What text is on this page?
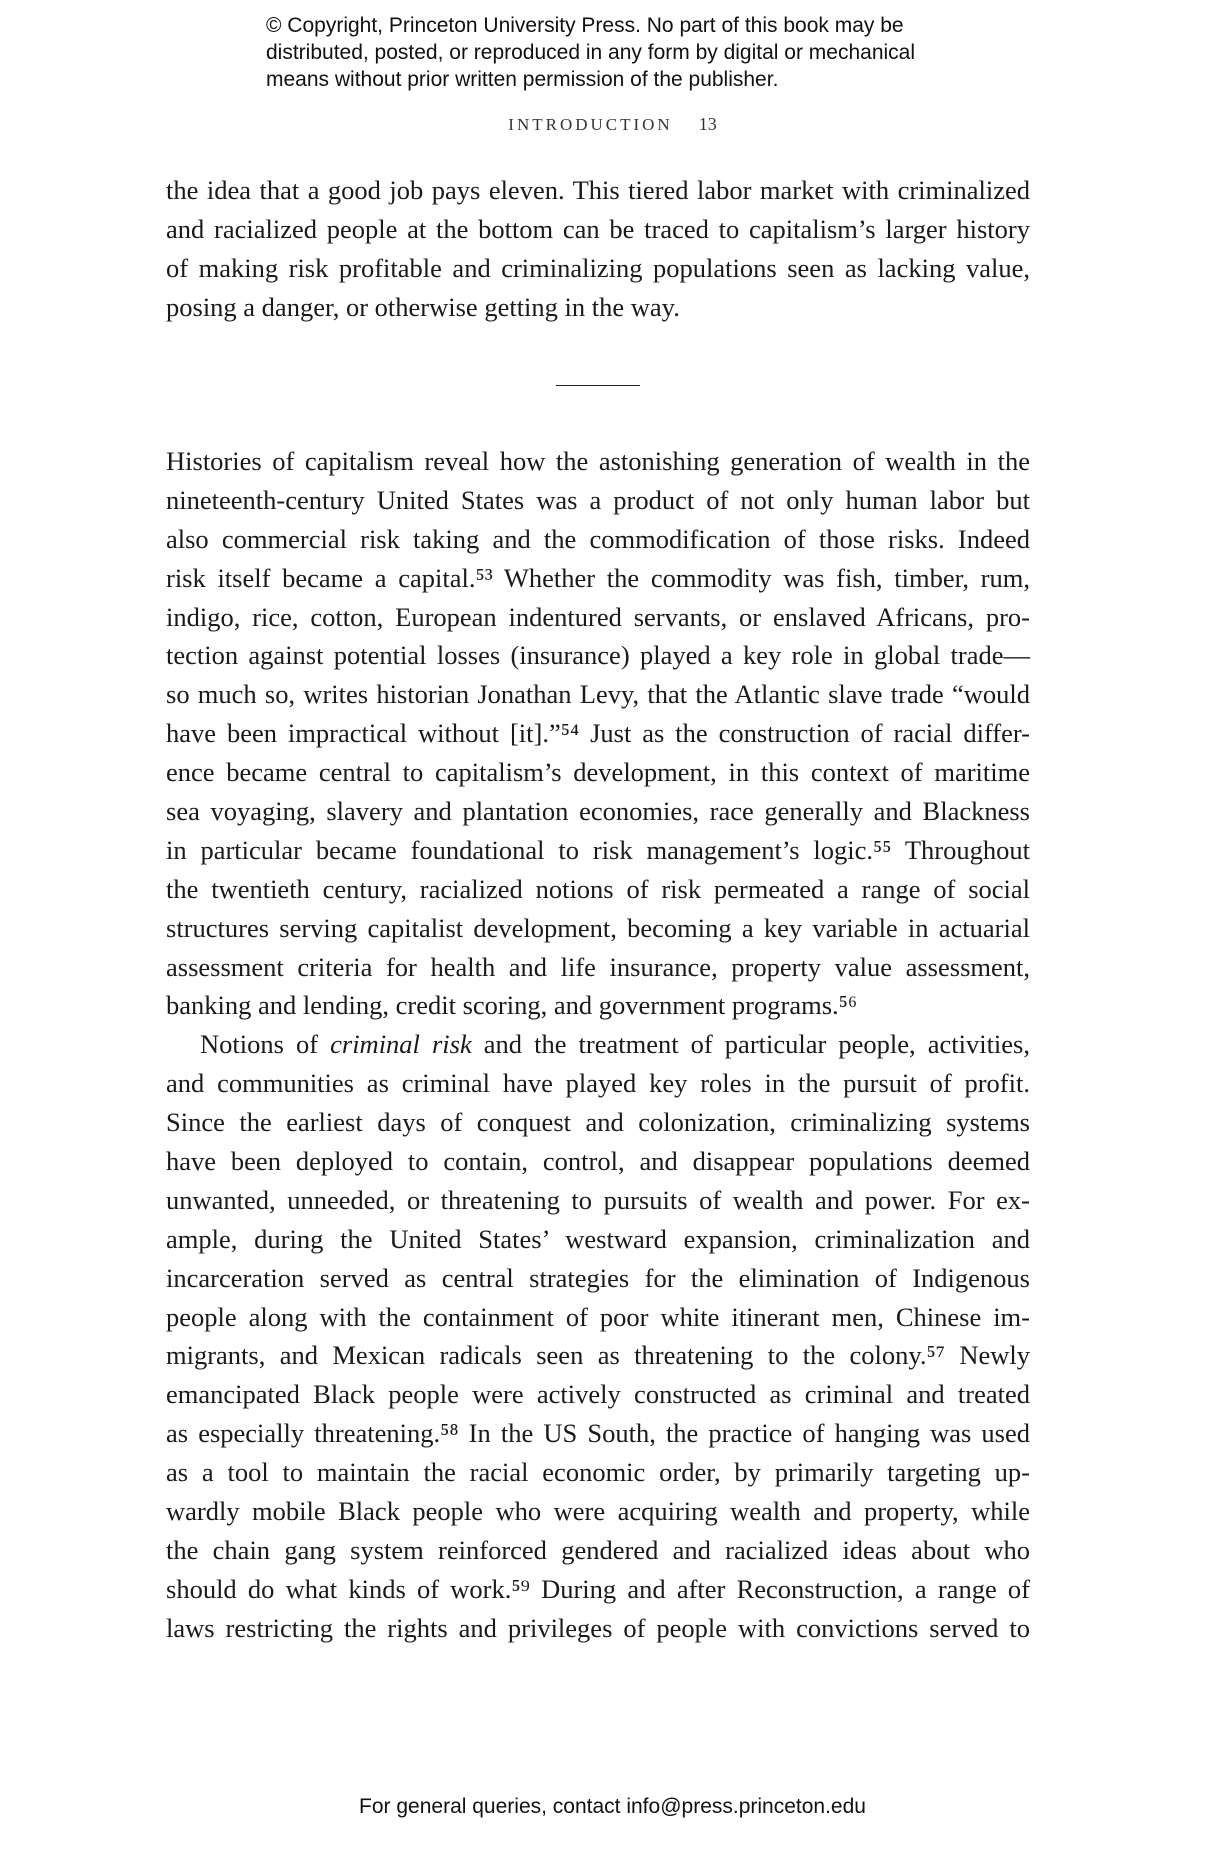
© Copyright, Princeton University Press. No part of this book may be
distributed, posted, or reproduced in any form by digital or mechanical
means without prior written permission of the publisher.
INTRODUCTION 13
the idea that a good job pays eleven. This tiered labor market with criminalized
and racialized people at the bottom can be traced to capitalism’s larger history
of making risk profitable and criminalizing populations seen as lacking value,
posing a danger, or otherwise getting in the way.
Histories of capitalism reveal how the astonishing generation of wealth in the
nineteenth-century United States was a product of not only human labor but
also commercial risk taking and the commodification of those risks. Indeed
risk itself became a capital.⁵³ Whether the commodity was fish, timber, rum,
indigo, rice, cotton, European indentured servants, or enslaved Africans, pro-
tection against potential losses (insurance) played a key role in global trade—
so much so, writes historian Jonathan Levy, that the Atlantic slave trade “would
have been impractical without [it].”⁵⁴ Just as the construction of racial differ-
ence became central to capitalism’s development, in this context of maritime
sea voyaging, slavery and plantation economies, race generally and Blackness
in particular became foundational to risk management’s logic.⁵⁵ Throughout
the twentieth century, racialized notions of risk permeated a range of social
structures serving capitalist development, becoming a key variable in actuarial
assessment criteria for health and life insurance, property value assessment,
banking and lending, credit scoring, and government programs.⁵⁶
Notions of criminal risk and the treatment of particular people, activities,
and communities as criminal have played key roles in the pursuit of profit.
Since the earliest days of conquest and colonization, criminalizing systems
have been deployed to contain, control, and disappear populations deemed
unwanted, unneeded, or threatening to pursuits of wealth and power. For ex-
ample, during the United States’ westward expansion, criminalization and
incarceration served as central strategies for the elimination of Indigenous
people along with the containment of poor white itinerant men, Chinese im-
migrants, and Mexican radicals seen as threatening to the colony.⁵⁷ Newly
emancipated Black people were actively constructed as criminal and treated
as especially threatening.⁵⁸ In the US South, the practice of hanging was used
as a tool to maintain the racial economic order, by primarily targeting up-
wardly mobile Black people who were acquiring wealth and property, while
the chain gang system reinforced gendered and racialized ideas about who
should do what kinds of work.⁵⁹ During and after Reconstruction, a range of
laws restricting the rights and privileges of people with convictions served to
For general queries, contact info@press.princeton.edu
